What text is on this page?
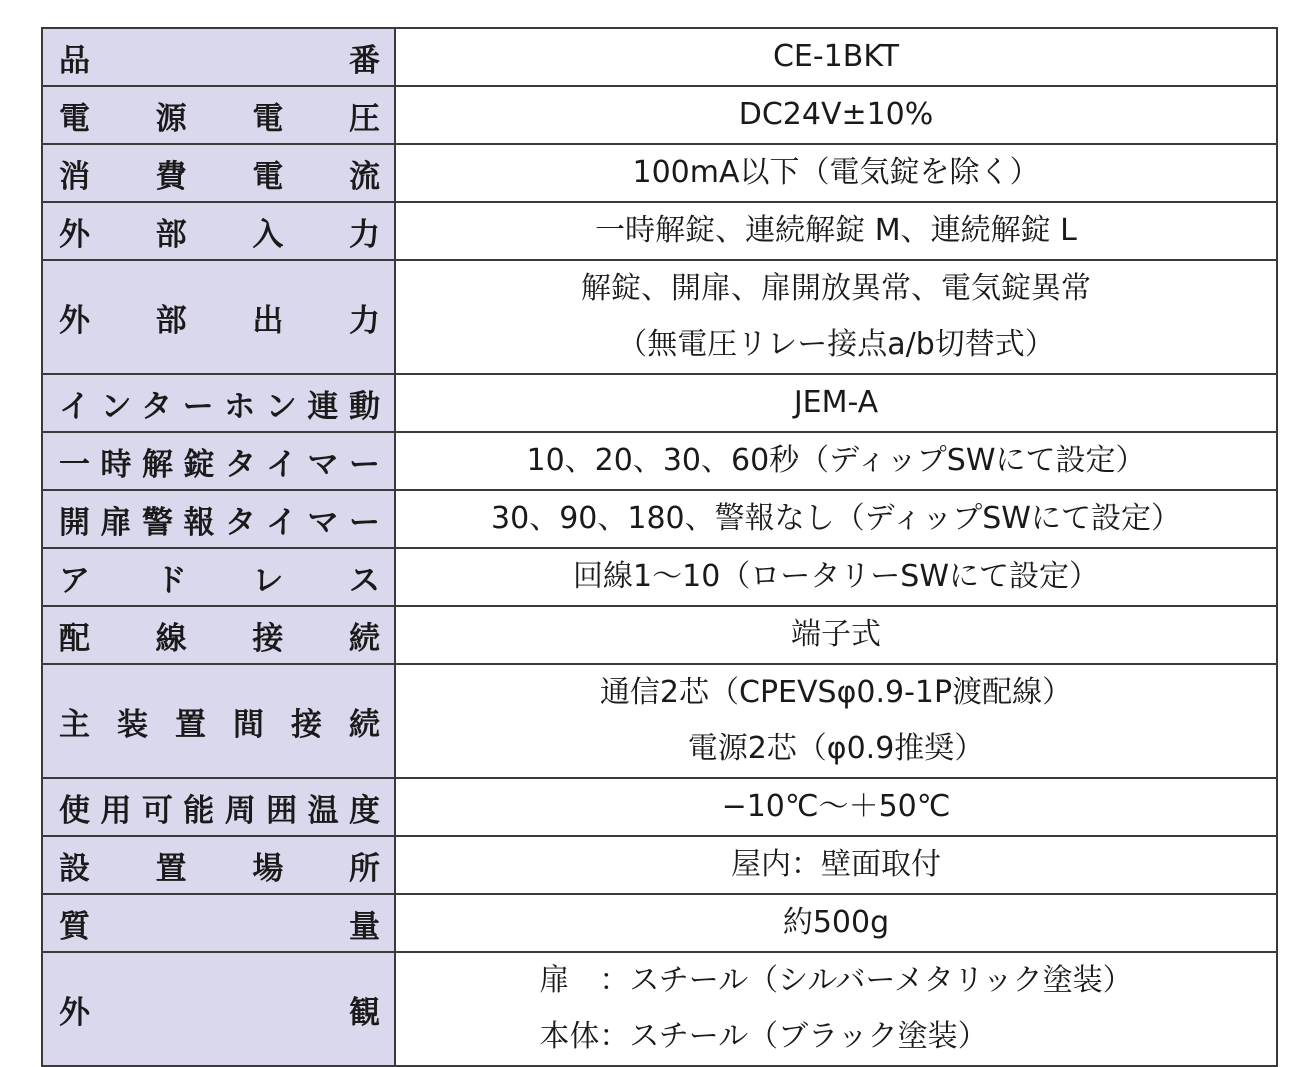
品　　　番	CE-1BKT

電　源　電　圧	DC24V±10%

消　費　電　流	100mA以下（電気錠を除く）

外　部　入　力	一時解錠、連続解錠 M、連続解錠 L

外　部　出　力	解錠、開扉、扉開放異常、電気錠異常
（無電圧リレー接点a/b切替式）

インターホン連動	JEM-A

一時解錠タイマー	10、20、30、60秒（ディップSWにて設定）

開扉警報タイマー	30、90、180、警報なし（ディップSWにて設定）

ア　ド　レ　ス	回線1〜10（ロータリーSWにて設定）

配　線　接　続	端子式

主装置間接続	通信2芯（CPEVSφ0.9-1P渡配線）
電源2芯（φ0.9推奨）

使用可能周囲温度	−10℃〜＋50℃

設　置　場　所	屋内：壁面取付

質　　　量	約500g

外　　　観	扉　：スチール（シルバーメタリック塗装）
本体：スチール（ブラック塗装）
